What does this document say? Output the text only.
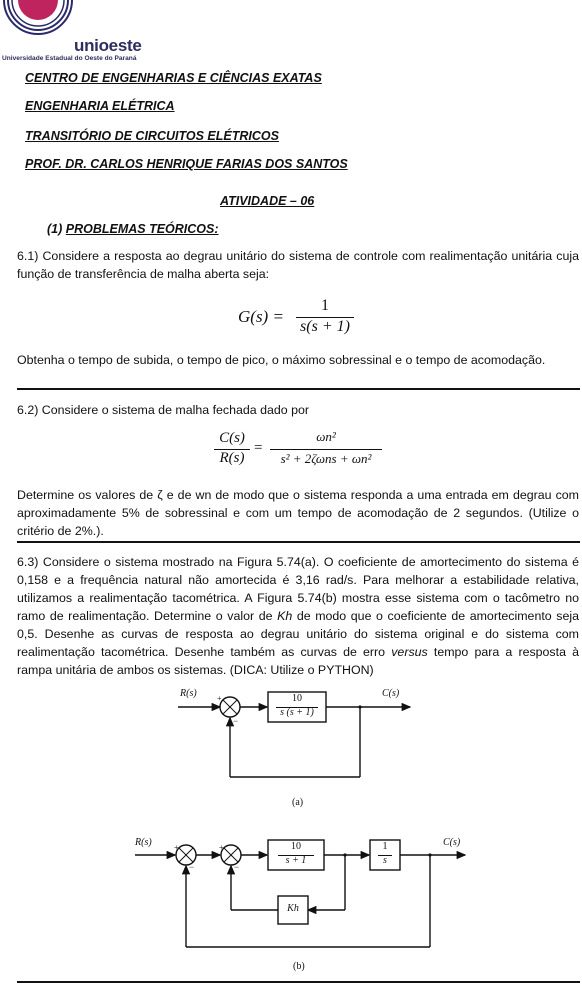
unioeste
Universidade Estadual do Oeste do Paraná
CENTRO DE ENGENHARIAS E CIÊNCIAS EXATAS
ENGENHARIA ELÉTRICA
TRANSITÓRIO DE CIRCUITOS ELÉTRICOS
PROF. DR. CARLOS HENRIQUE FARIAS DOS SANTOS
ATIVIDADE – 06
(1) PROBLEMAS TEÓRICOS:
6.1) Considere a resposta ao degrau unitário do sistema de controle com realimentação unitária cuja função de transferência de malha aberta seja:
G(s) =
1
s(s + 1)
Obtenha o tempo de subida, o tempo de pico, o máximo sobressinal e o tempo de acomodação.
6.2) Considere o sistema de malha fechada dado por
C(s)
R(s)
=
ωn²
s² + 2ζωns + ωn²
Determine os valores de ζ e de wn de modo que o sistema responda a uma entrada em degrau com aproximadamente 5% de sobressinal e com um tempo de acomodação de 2 segundos. (Utilize o critério de 2%.).
6.3) Considere o sistema mostrado na Figura 5.74(a). O coeficiente de amortecimento do sistema é 0,158 e a frequência natural não amortecida é 3,16 rad/s. Para melhorar a estabilidade relativa, utilizamos a realimentação tacométrica. A Figura 5.74(b) mostra esse sistema com o tacômetro no ramo de realimentação. Determine o valor de Kh de modo que o coeficiente de amortecimento seja 0,5. Desenhe as curvas de resposta ao degrau unitário do sistema original e do sistema com realimentação tacométrica. Desenhe também as curvas de erro versus tempo para a resposta à rampa unitária de ambos os sistemas. (DICA: Utilize o PYTHON)
R(s)	C(s)
+
−
10
s (s + 1)
(a)
R(s)	C(s)
+
−
+
−
10
s + 1
1
s
Kh
(b)
